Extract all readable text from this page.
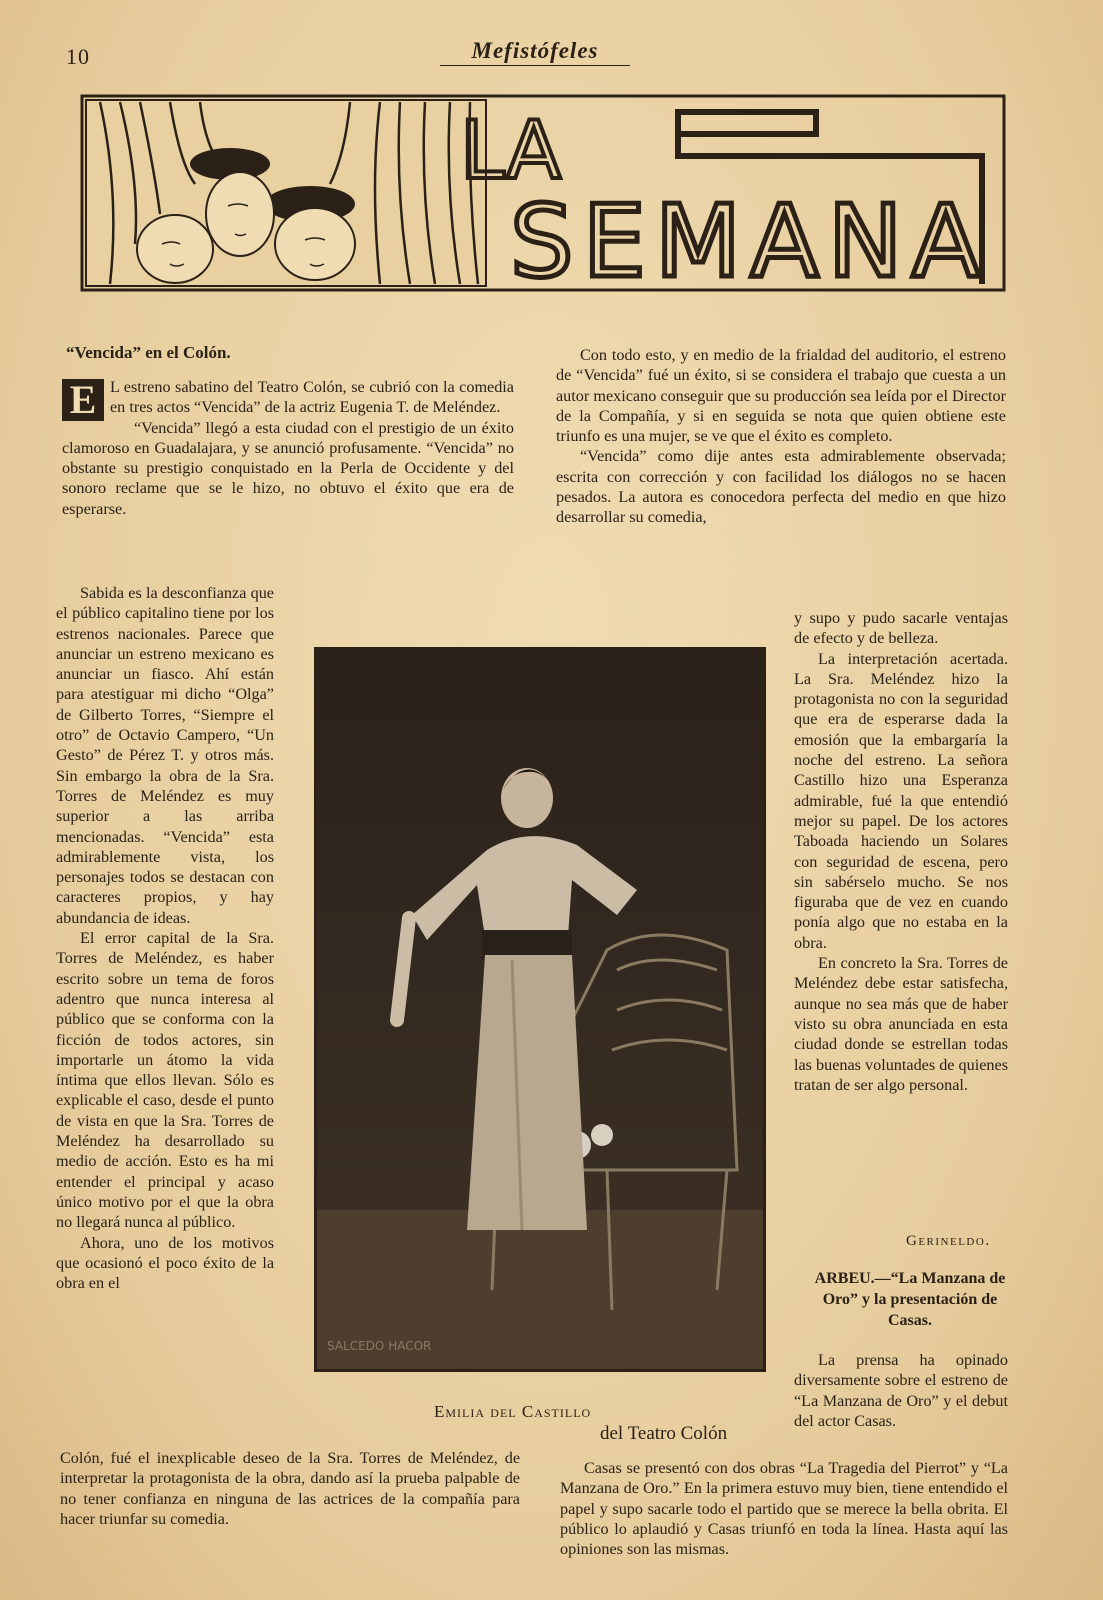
10	Mefistófeles
LA
SEMANA
“Vencida” en el Colón.
E L estreno sabatino del Teatro Colón, se cubrió con la comedia en tres actos “Vencida” de la actriz Eugenia T. de Meléndez.

“Vencida” llegó a esta ciudad con el prestigio de un éxito clamoroso en Guadalajara, y se anunció profusamente. “Vencida” no obstante su prestigio conquistado en la Perla de Occidente y del sonoro reclame que se le hizo, no obtuvo el éxito que era de esperarse.

Sabida es la desconfianza que el público capitalino tiene por los estrenos nacionales. Parece que anunciar un estreno mexicano es anunciar un fiasco. Ahí están para atestiguar mi dicho “Olga” de Gilberto Torres, “Siempre el otro” de Octavio Campero, “Un Gesto” de Pérez T. y otros más. Sin embargo la obra de la Sra. Torres de Meléndez es muy superior a las arriba mencionadas. “Vencida” esta admirablemente vista, los personajes todos se destacan con caracteres propios, y hay abundancia de ideas.

El error capital de la Sra. Torres de Meléndez, es haber escrito sobre un tema de foros adentro que nunca interesa al público que se conforma con la ficción de todos actores, sin importarle un átomo la vida íntima que ellos llevan. Sólo es explicable el caso, desde el punto de vista en que la Sra. Torres de Meléndez ha desarrollado su medio de acción. Esto es ha mi entender el principal y acaso único motivo por el que la obra no llegará nunca al público.

Ahora, uno de los motivos que ocasionó el poco éxito de la obra en el

Colón, fué el inexplicable deseo de la Sra. Torres de Meléndez, de interpretar la protagonista de la obra, dando así la prueba palpable de no tener confianza en ninguna de las actrices de la compañía para hacer triunfar su comedia.

Con todo esto, y en medio de la frialdad del auditorio, el estreno de “Vencida” fué un éxito, si se considera el trabajo que cuesta a un autor mexicano conseguir que su producción sea leída por el Director de la Compañía, y si en seguida se nota que quien obtiene este triunfo es una mujer, se ve que el éxito es completo.

“Vencida” como dije antes esta admirablemente observada; escrita con corrección y con facilidad los diálogos no se hacen pesados. La autora es conocedora perfecta del medio en que hizo desarrollar su comedia,

y supo y pudo sacarle ventajas de efecto y de belleza.

La interpretación acertada. La Sra. Meléndez hizo la protagonista no con la seguridad que era de esperarse dada la emosión que la embargaría la noche del estreno. La señora Castillo hizo una Esperanza admirable, fué la que entendió mejor su papel. De los actores Taboada haciendo un Solares con seguridad de escena, pero sin sabérselo mucho. Se nos figuraba que de vez en cuando ponía algo que no estaba en la obra.

En concreto la Sra. Torres de Meléndez debe estar satisfecha, aunque no sea más que de haber visto su obra anunciada en esta ciudad donde se estrellan todas las buenas voluntades de quienes tratan de ser algo personal.

Gerineldo.
ARBEU.—“La Manzana de Oro” y la presentación de Casas.

La prensa ha opinado diversamente sobre el estreno de “La Manzana de Oro” y el debut del actor Casas.

Casas se presentó con dos obras “La Tragedia del Pierrot” y “La Manzana de Oro.” En la primera estuvo muy bien, tiene entendido el papel y supo sacarle todo el partido que se merece la bella obrita. El público lo aplaudió y Casas triunfó en toda la línea. Hasta aquí las opiniones son las mismas.

SALCEDO HACOR
Emilia del Castillo
del Teatro Colón
